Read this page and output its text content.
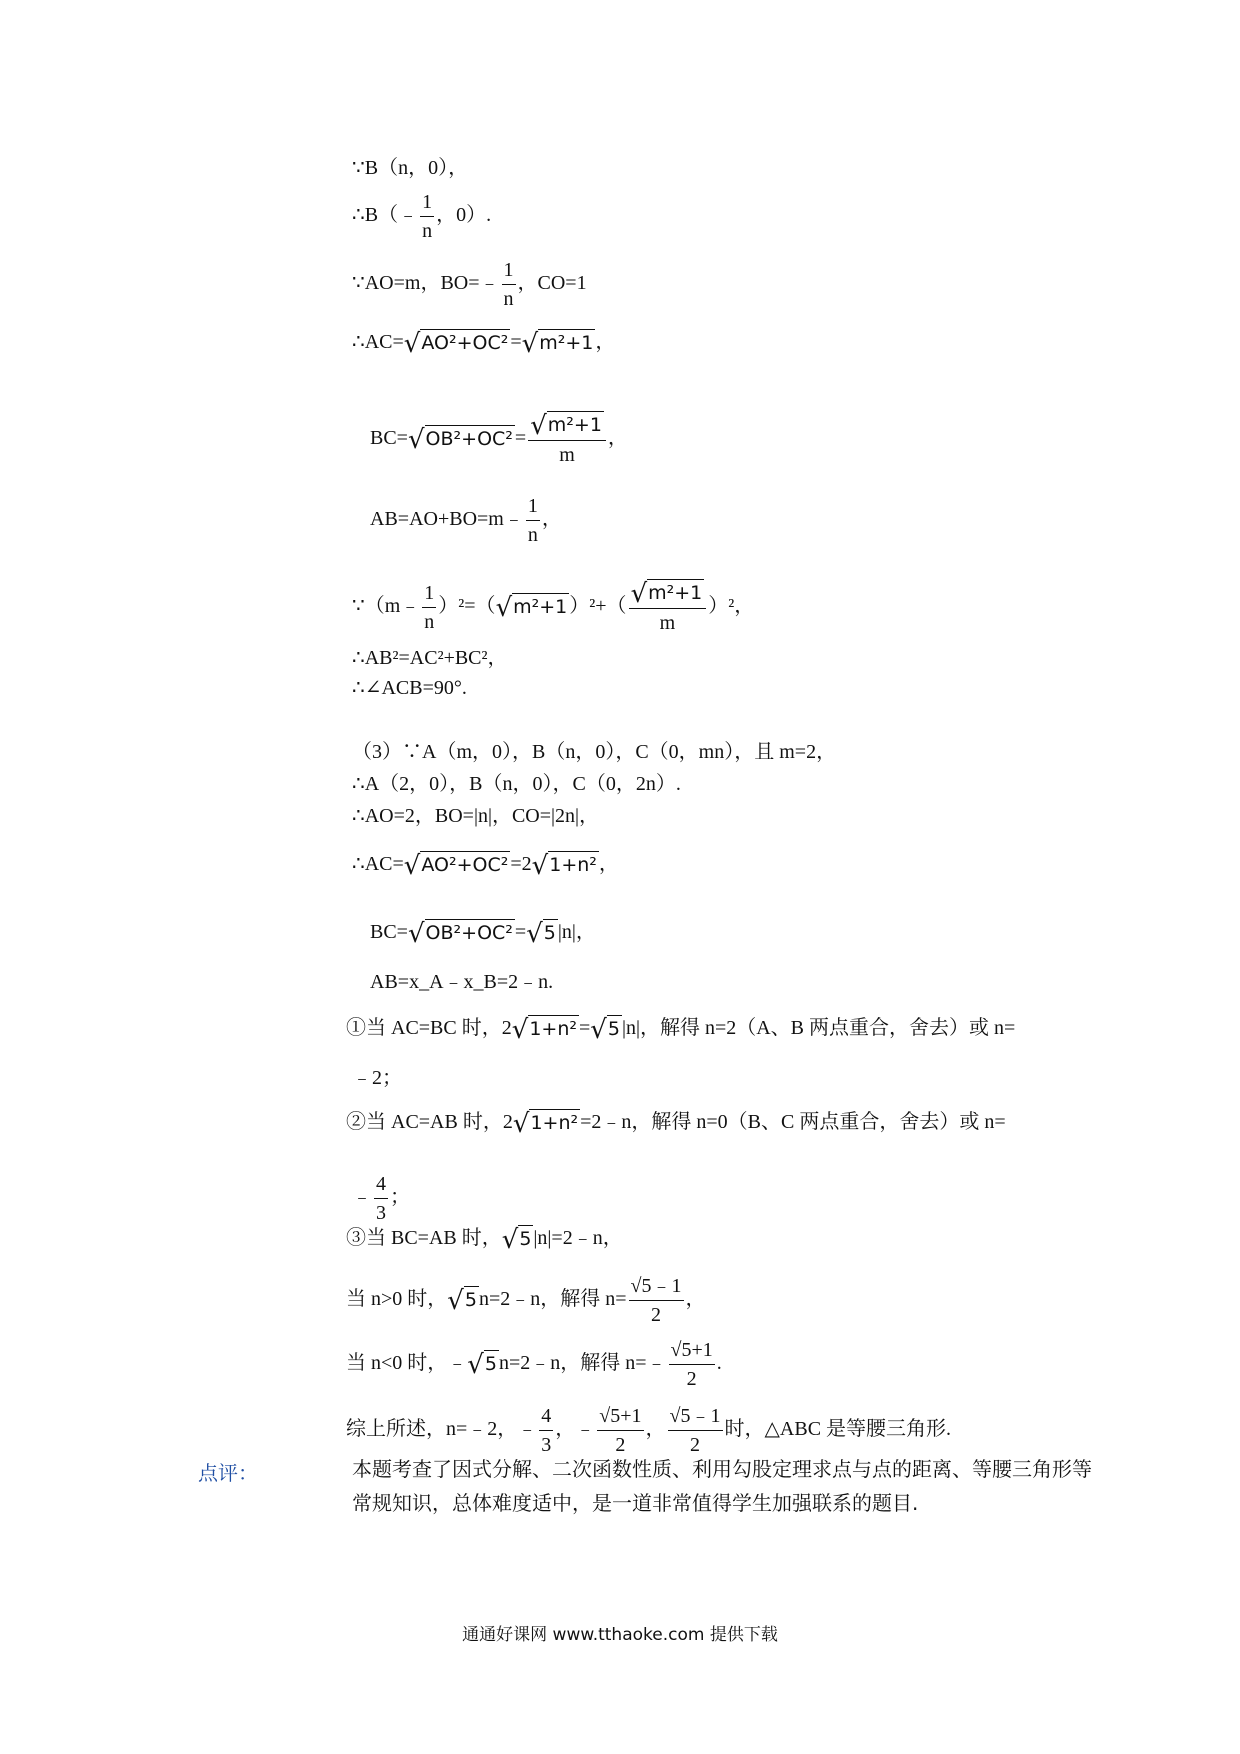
∵B（n，0），
∴B（﹣ $\frac{1}{n}$ ，0）.
∵AO=m，BO=﹣ $\frac{1}{n}$ ，CO=1
∴AC=√AO²+OC² =√m²+1 ，
$BC=√OB^2+OC^2 = \frac{\text{√m²+1}}{m}$ ，
AB=AO+BO=m﹣ $\frac{1}{n}$ ，
∵（m﹣ $\frac{1}{n} )^2=(√m^2+1$ ）$^2+( \frac{\text{√m²+1}}{m} )^2$，
∴AB²=AC²+BC²，
∴∠ACB=90°.
（3）∵A（m，0），B（n，0），C（0，mn），且 m=2，
∴A（2，0），B（n，0），C（0，2n）.
∴AO=2，BO=|n|，CO=|2n|，
∴AC=√AO²+OC² =2√1+n² ，
BC=√OB²+OC² =√5 |n|，
AB=x_A﹣x_B=2﹣n.
①当 AC=BC 时，2√1+n² =√5 |n|，解得 n=2（A、B 两点重合，舍去）或 n=
﹣2；
②当 AC=AB 时，2√1+n² =2﹣n，解得 n=0（B、C 两点重合，舍去）或 n=
﹣ $\frac{4}{3}$ ；
③当 BC=AB 时，√5 |n|=2﹣n，
当 n>0 时，√5 n=2﹣n，解得 $n= \frac{√5﹣1}{2}$ ，
当 n<0 时，﹣√5 n=2﹣n，解得 n=﹣ $\frac{√5+1}{2}$ .
综上所述，n=﹣2，﹣ $\frac{4}{3}$ ，﹣ $\frac{√5+1}{2}$ ， $\frac{√5﹣1}{2}$ 时，△ABC 是等腰三角形.
点评：	本题考查了因式分解、二次函数性质、利用勾股定理求点与点的距离、等腰三角形等常规知识，总体难度适中，是一道非常值得学生加强联系的题目.
通通好课网 www.tthaoke.com 提供下载
